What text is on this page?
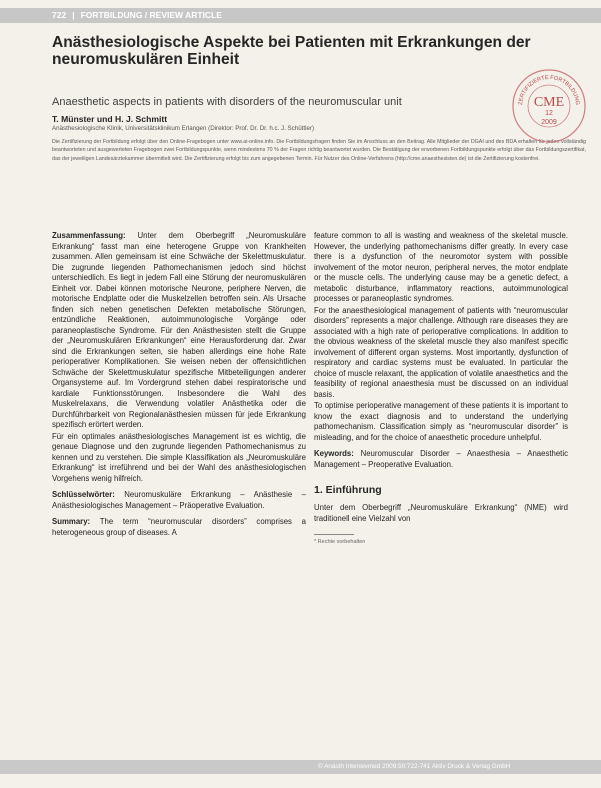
722 | FORTBILDUNG / REVIEW ARTICLE
Anästhesiologische Aspekte bei Patienten mit Erkrankungen der neuromuskulären Einheit
Anaesthetic aspects in patients with disorders of the neuromuscular unit
T. Münster und H. J. Schmitt
Anästhesiologische Klinik, Universitätsklinikum Erlangen (Direktor: Prof. Dr. Dr. h.c. J. Schüttler)
Die Zertifizierung der Fortbildung erfolgt über den Online-Fragebogen unter www.ai-online.info. Die Fortbildungsfragen finden Sie im Anschluss an den Beitrag. Alle Mitglieder der DGAI und des BDA erhalten für jeden vollständig beantworteten und ausgewerteten Fragebogen zwei Fortbildungspunkte, wenn mindestens 70 % der Fragen richtig beantwortet wurden. Die Bestätigung der erworbenen Fortbildungspunkte erfolgt über das Fortbildungszertifikat, das der jeweiligen Landesärztekammer übermittelt wird. Die Zertifizierung erfolgt bis zum angegebenen Termin. Für Nutzer des Online-Verfahrens (http://cme.anaesthesisten.de) ist die Zertifizierung kostenfrei.
ZERTIFIZIERTE FORTBILDUNG
CME
12
2009

Zusammenfassung: Unter dem Oberbegriff „Neuromuskuläre Erkrankung“ fasst man eine heterogene Gruppe von Krankheiten zusammen. Allen gemeinsam ist eine Schwäche der Skelettmuskulatur. Die zugrunde liegenden Pathomechanismen jedoch sind höchst unterschiedlich. Es liegt in jedem Fall eine Störung der neuromuskulären Einheit vor. Dabei können motorische Neurone, periphere Nerven, die motorische Endplatte oder die Muskelzellen betroffen sein. Als Ursache finden sich neben genetischen Defekten metabolische Störungen, entzündliche Reaktionen, autoimmunologische Vorgänge oder paraneoplastische Syndrome. Für den Anästhesisten stellt die Gruppe der „Neuromuskulären Erkrankungen“ eine Herausforderung dar. Zwar sind die Erkrankungen selten, sie haben allerdings eine hohe Rate perioperativer Komplikationen. Sie weisen neben der offensichtlichen Schwäche der Skelettmuskulatur spezifische Mitbeteiligungen anderer Organsysteme auf. Im Vordergrund stehen dabei respiratorische und kardiale Funktionsstörungen. Insbesondere die Wahl des Muskelrelaxans, die Verwendung volatiler Anästhetika oder die Durchführbarkeit von Regionalanästhesien müssen für jede Erkrankung spezifisch erörtert werden.

Für ein optimales anästhesiologisches Management ist es wichtig, die genaue Diagnose und den zugrunde liegenden Pathomechanismus zu kennen und zu verstehen. Die simple Klassifikation als „Neuromuskuläre Erkrankung“ ist irreführend und bei der Wahl des anästhesiologischen Vorgehens wenig hilfreich.

Schlüsselwörter: Neuromuskuläre Erkrankung – Anästhesie – Anästhesiologisches Management – Präoperative Evaluation.

Summary: The term “neuromuscular disorders” comprises a heterogeneous group of diseases. A

feature common to all is wasting and weakness of the skeletal muscle. However, the underlying pathomechanisms differ greatly. In every case there is a dysfunction of the neuromotor system with possible involvement of the motor neuron, peripheral nerves, the motor endplate or the muscle cells. The underlying cause may be a genetic defect, a metabolic disturbance, inflammatory reactions, autoimmunological processes or paraneoplastic syndromes.

For the anaesthesiological management of patients with “neuromuscular disorders” represents a major challenge. Although rare diseases they are associated with a high rate of perioperative complications. In addition to the obvious weakness of the skeletal muscle they also manifest specific involvement of different organ systems. Most importantly, dysfunction of respiratory and cardiac systems must be evaluated. In particular the choice of muscle relaxant, the application of volatile anaesthetics and the feasibility of regional anaesthesia must be discussed on an individual basis.

To optimise perioperative management of these patients it is important to know the exact diagnosis and to understand the underlying pathomechanism. Classification simply as “neuromuscular disorder” is misleading, and for the choice of anaesthetic procedure unhelpful.

Keywords: Neuromuscular Disorder – Anaesthesia – Anaesthetic Management – Preoperative Evaluation.

1. Einführung

Unter dem Oberbegriff „Neuromuskuläre Erkrankung“ (NME) wird traditionell eine Vielzahl von

* Rechte vorbehalten
© Anästh Intensivmed 2009;50:722-741 Aktiv Druck & Verlag GmbH
